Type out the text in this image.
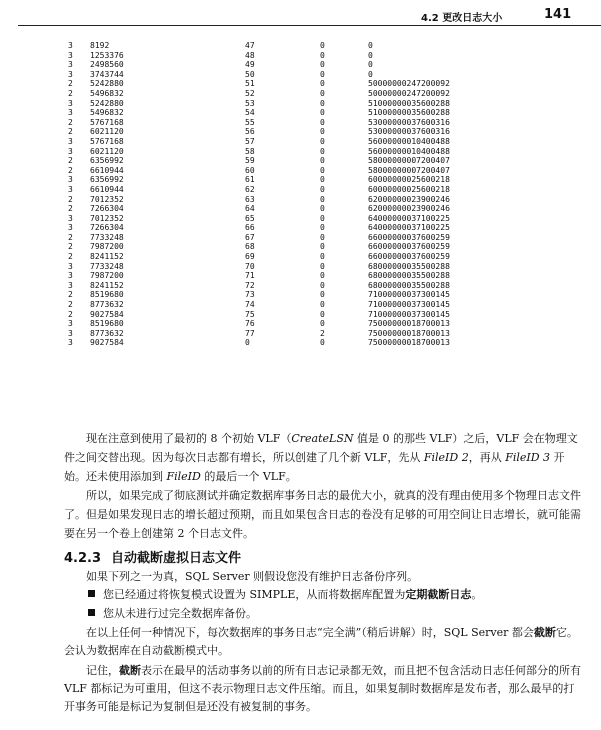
4.2 更改日志大小	141
3	8192	47	0	0
3	1253376	48	0	0
3	2498560	49	0	0
3	3743744	50	0	0
2	5242880	51	0	50000000247200092
2	5496832	52	0	50000000247200092
3	5242880	53	0	51000000035600288
3	5496832	54	0	51000000035600288
2	5767168	55	0	53000000037600316
2	6021120	56	0	53000000037600316
3	5767168	57	0	56000000010400488
3	6021120	58	0	56000000010400488
2	6356992	59	0	58000000007200407
2	6610944	60	0	58000000007200407
3	6356992	61	0	60000000025600218
3	6610944	62	0	60000000025600218
2	7012352	63	0	62000000023900246
2	7266304	64	0	62000000023900246
3	7012352	65	0	64000000037100225
3	7266304	66	0	64000000037100225
2	7733248	67	0	66000000037600259
2	7987200	68	0	66000000037600259
2	8241152	69	0	66000000037600259
3	7733248	70	0	68000000035500288
3	7987200	71	0	68000000035500288
3	8241152	72	0	68000000035500288
2	8519680	73	0	71000000037300145
2	8773632	74	0	71000000037300145
2	9027584	75	0	71000000037300145
3	8519680	76	0	75000000018700013
3	8773632	77	2	75000000018700013
3	9027584	0	0	75000000018700013

现在注意到使用了最初的 8 个初始 VLF（CreateLSN 值是 0 的那些 VLF）之后，VLF 会在物理文件之间交替出现。因为每次日志都有增长，所以创建了几个新 VLF，先从 FileID 2，再从 FileID 3 开始。还未使用添加到 FileID 的最后一个 VLF。

所以，如果完成了彻底测试并确定数据库事务日志的最优大小，就真的没有理由使用多个物理日志文件了。但是如果发现日志的增长超过预期，而且如果包含日志的卷没有足够的可用空间让日志增长，就可能需要在另一个卷上创建第 2 个日志文件。

4.2.3 自动截断虚拟日志文件
如果下列之一为真，SQL Server 则假设您没有维护日志备份序列。
您已经通过将恢复模式设置为 SIMPLE，从而将数据库配置为定期截断日志。
您从未进行过完全数据库备份。

在以上任何一种情况下，每次数据库的事务日志“完全满”（稍后讲解）时，SQL Server 都会截断它。会认为数据库在自动截断模式中。

记住，截断表示在最早的活动事务以前的所有日志记录都无效，而且把不包含活动日志任何部分的所有 VLF 都标记为可重用，但这不表示物理日志文件压缩。而且，如果复制时数据库是发布者，那么最早的打开事务可能是标记为复制但是还没有被复制的事务。
